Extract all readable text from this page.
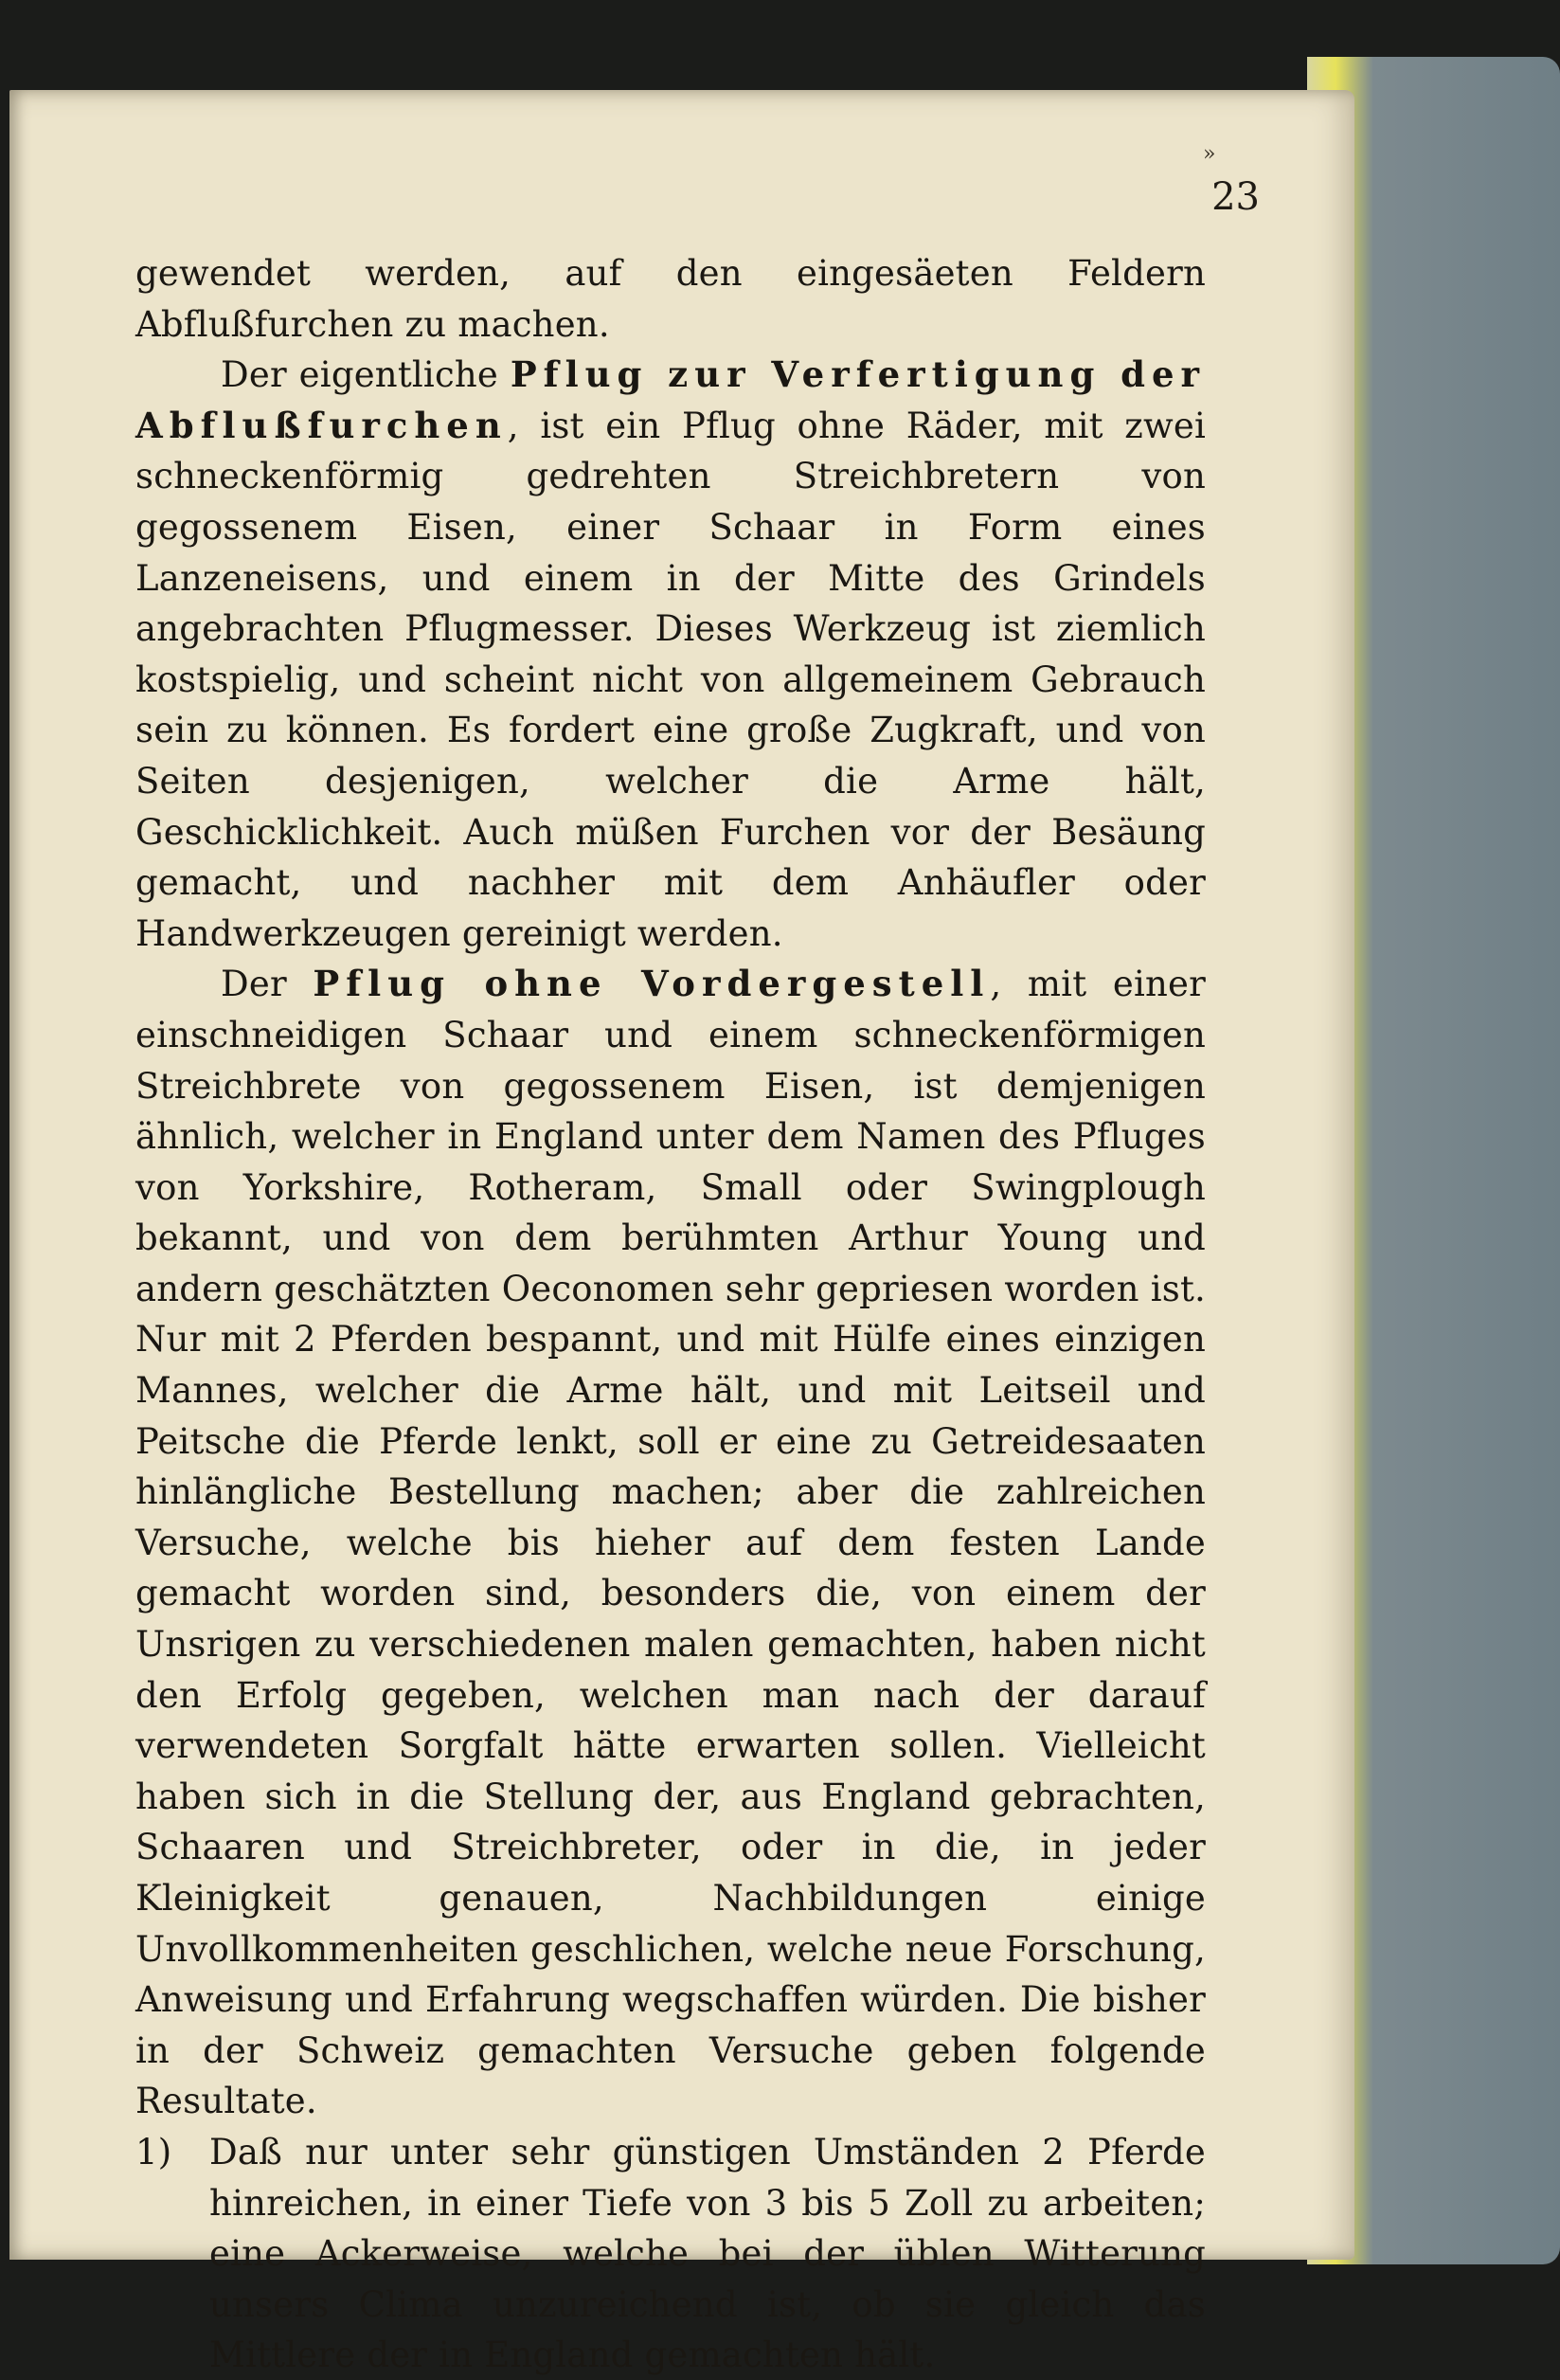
»
23

gewendet werden, auf den eingesäeten Feldern Abflußfurchen zu machen.

Der eigentliche Pflug zur Verfertigung der Abflußfurchen, ist ein Pflug ohne Räder, mit zwei schneckenförmig gedrehten Streichbretern von gegossenem Eisen, einer Schaar in Form eines Lanzeneisens, und einem in der Mitte des Grindels angebrachten Pflugmesser. Dieses Werkzeug ist ziemlich kostspielig, und scheint nicht von allgemeinem Gebrauch sein zu können. Es fordert eine große Zugkraft, und von Seiten desjenigen, welcher die Arme hält, Geschicklichkeit. Auch müßen Furchen vor der Besäung gemacht, und nachher mit dem Anhäufler oder Handwerkzeugen gereinigt werden.

Der Pflug ohne Vordergestell, mit einer einschneidigen Schaar und einem schneckenförmigen Streichbrete von gegossenem Eisen, ist demjenigen ähnlich, welcher in England unter dem Namen des Pfluges von Yorkshire, Rotheram, Small oder Swingplough bekannt, und von dem berühmten Arthur Young und andern geschätzten Oeconomen sehr gepriesen worden ist. Nur mit 2 Pferden bespannt, und mit Hülfe eines einzigen Mannes, welcher die Arme hält, und mit Leitseil und Peitsche die Pferde lenkt, soll er eine zu Getreidesaaten hinlängliche Bestellung machen; aber die zahlreichen Versuche, welche bis hieher auf dem festen Lande gemacht worden sind, besonders die, von einem der Unsrigen zu verschiedenen malen gemachten, haben nicht den Erfolg gegeben, welchen man nach der darauf verwendeten Sorgfalt hätte erwarten sollen. Vielleicht haben sich in die Stellung der, aus England gebrachten, Schaaren und Streichbreter, oder in die, in jeder Kleinigkeit genauen, Nachbildungen einige Unvollkommenheiten geschlichen, welche neue Forschung, Anweisung und Erfahrung wegschaffen würden. Die bisher in der Schweiz gemachten Versuche geben folgende Resultate.

1) Daß nur unter sehr günstigen Umständen 2 Pferde hinreichen, in einer Tiefe von 3 bis 5 Zoll zu arbeiten; eine Ackerweise, welche bei der üblen Witterung unsers Clima unzureichend ist, ob sie gleich das Mittlere der in England gemachten hält.
